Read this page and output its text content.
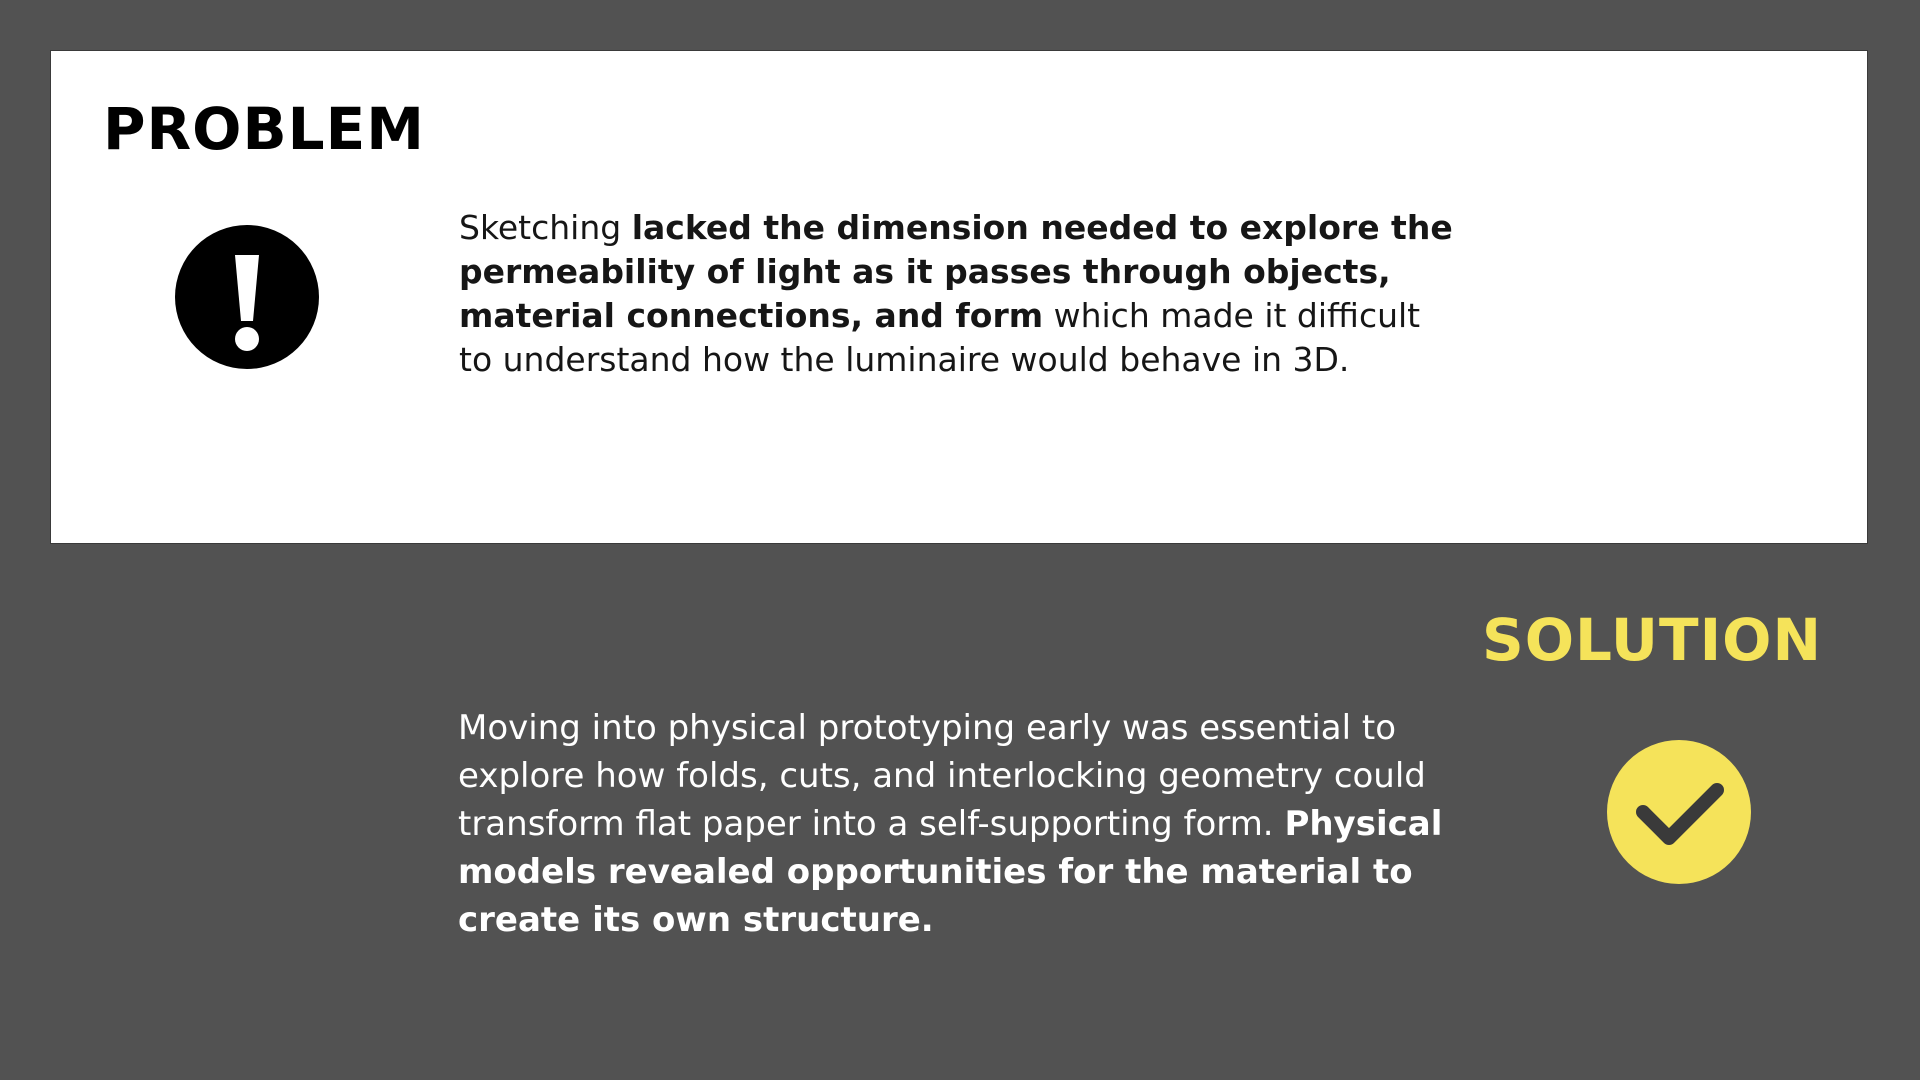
PROBLEM

Sketching lacked the dimension needed to explore the permeability of light as it passes through objects, material connections, and form which made it difficult to understand how the luminaire would behave in 3D.

SOLUTION

Moving into physical prototyping early was essential to explore how folds, cuts, and interlocking geometry could transform flat paper into a self-supporting form. Physical models revealed opportunities for the material to create its own structure.
